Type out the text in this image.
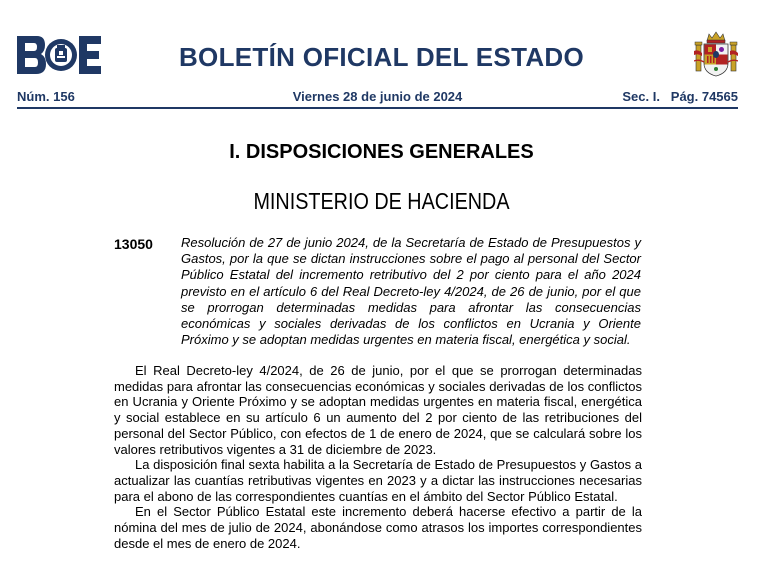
BOLETÍN OFICIAL DEL ESTADO
Núm. 156	Viernes 28 de junio de 2024	Sec. I.   Pág. 74565
I. DISPOSICIONES GENERALES
MINISTERIO DE HACIENDA
13050 Resolución de 27 de junio 2024, de la Secretaría de Estado de Presupuestos y Gastos, por la que se dictan instrucciones sobre el pago al personal del Sector Público Estatal del incremento retributivo del 2 por ciento para el año 2024 previsto en el artículo 6 del Real Decreto-ley 4/2024, de 26 de junio, por el que se prorrogan determinadas medidas para afrontar las consecuencias económicas y sociales derivadas de los conflictos en Ucrania y Oriente Próximo y se adoptan medidas urgentes en materia fiscal, energética y social.

El Real Decreto-ley 4/2024, de 26 de junio, por el que se prorrogan determinadas medidas para afrontar las consecuencias económicas y sociales derivadas de los conflictos en Ucrania y Oriente Próximo y se adoptan medidas urgentes en materia fiscal, energética y social establece en su artículo 6 un aumento del 2 por ciento de las retribuciones del personal del Sector Público, con efectos de 1 de enero de 2024, que se calculará sobre los valores retributivos vigentes a 31 de diciembre de 2023.

La disposición final sexta habilita a la Secretaría de Estado de Presupuestos y Gastos a actualizar las cuantías retributivas vigentes en 2023 y a dictar las instrucciones necesarias para el abono de las correspondientes cuantías en el ámbito del Sector Público Estatal.

En el Sector Público Estatal este incremento deberá hacerse efectivo a partir de la nómina del mes de julio de 2024, abonándose como atrasos los importes correspondientes desde el mes de enero de 2024.
